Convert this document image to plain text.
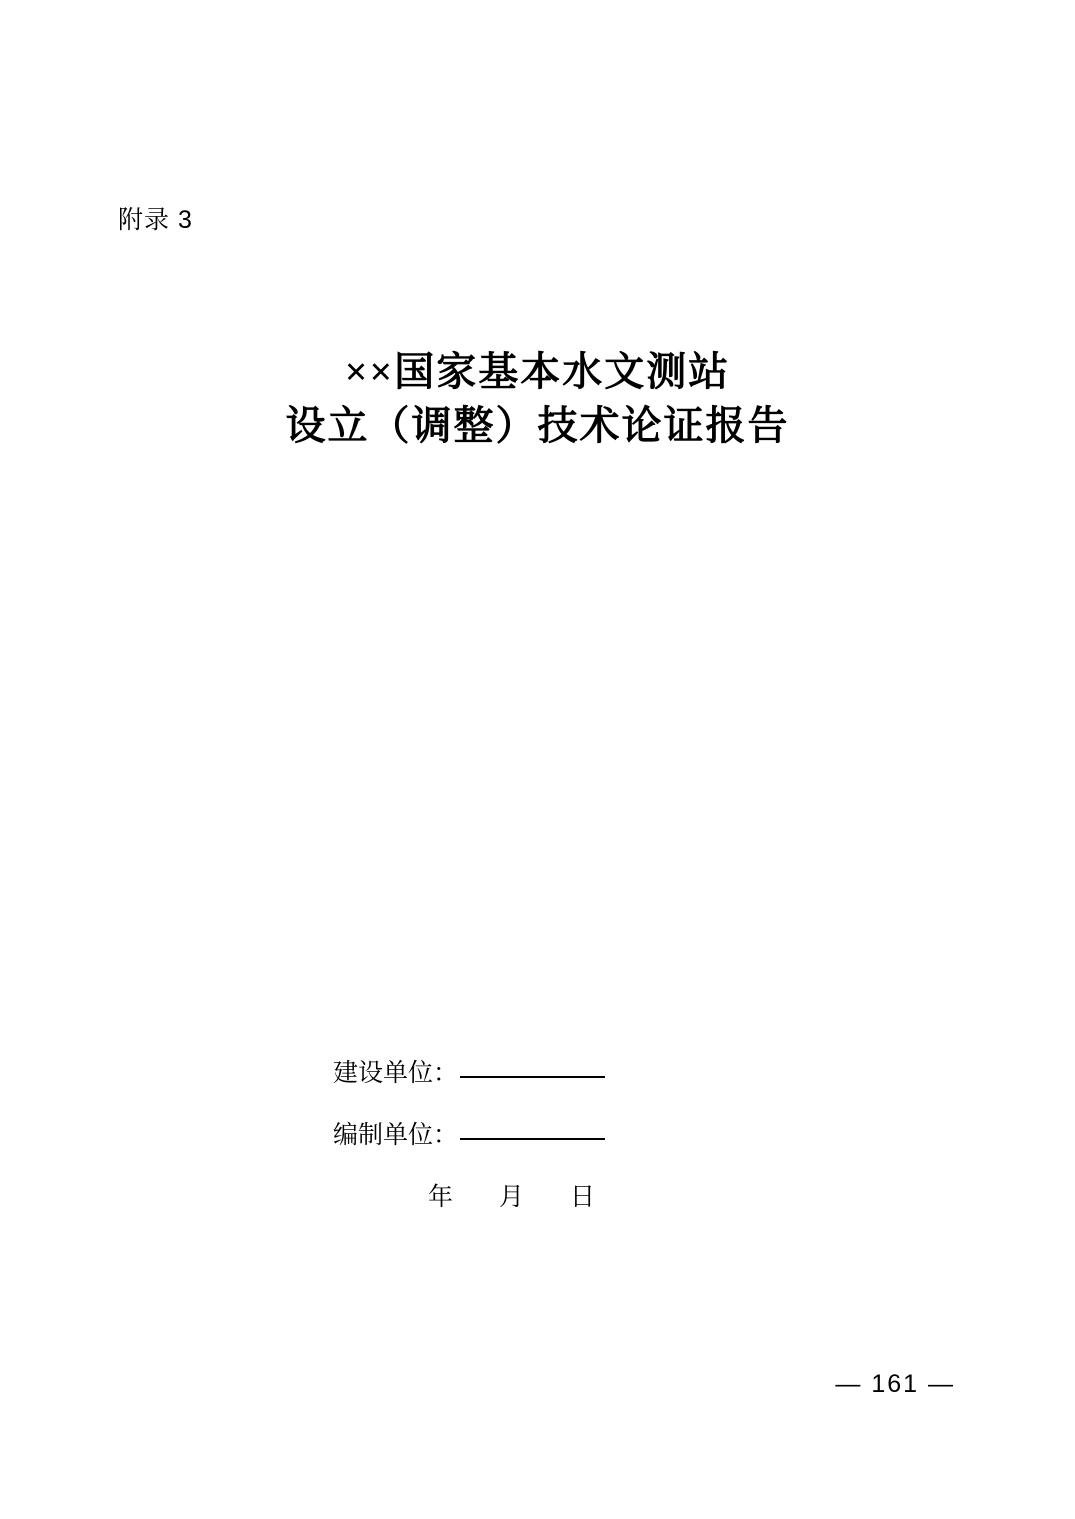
附录 3
××国家基本水文测站
设立（调整）技术论证报告
建设单位：
编制单位：
年 月 日
— 161 —
